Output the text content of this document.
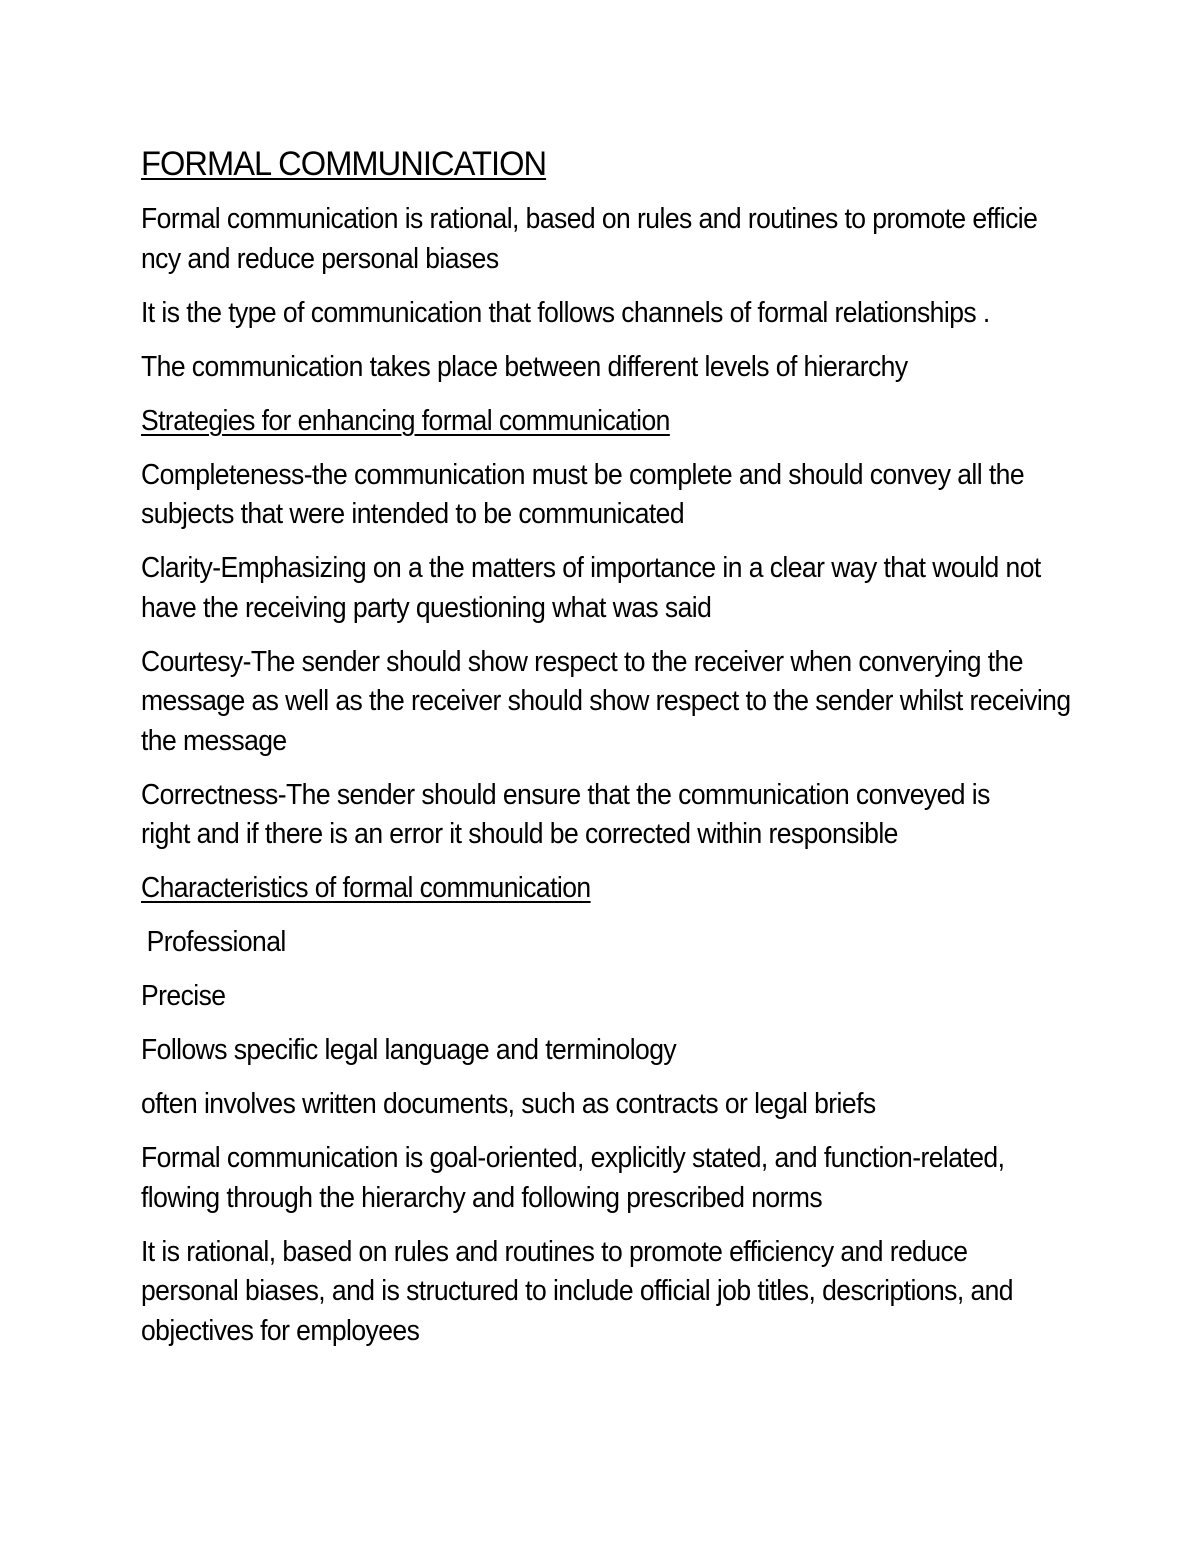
FORMAL COMMUNICATION

Formal communication is rational, based on rules and routines to promote efficie ncy and reduce personal biases

It is the type of communication that follows channels of formal relationships .

The communication takes place between different levels of hierarchy

Strategies for enhancing formal communication

Completeness-the communication must be complete and should convey all the subjects that were intended to be communicated

Clarity-Emphasizing on a the matters of importance in a clear way that would not have the receiving party questioning what was said

Courtesy-The sender should show respect to the receiver when converying the message as well as the receiver should show respect to the sender whilst receiving the message

Correctness-The sender should ensure that the communication conveyed is right and if there is an error it should be corrected within responsible

Characteristics of formal communication

Professional

Precise

Follows specific legal language and terminology

often involves written documents, such as contracts or legal briefs

Formal communication is goal-oriented, explicitly stated, and function-related, flowing through the hierarchy and following prescribed norms

It is rational, based on rules and routines to promote efficiency and reduce personal biases, and is structured to include official job titles, descriptions, and objectives for employees
